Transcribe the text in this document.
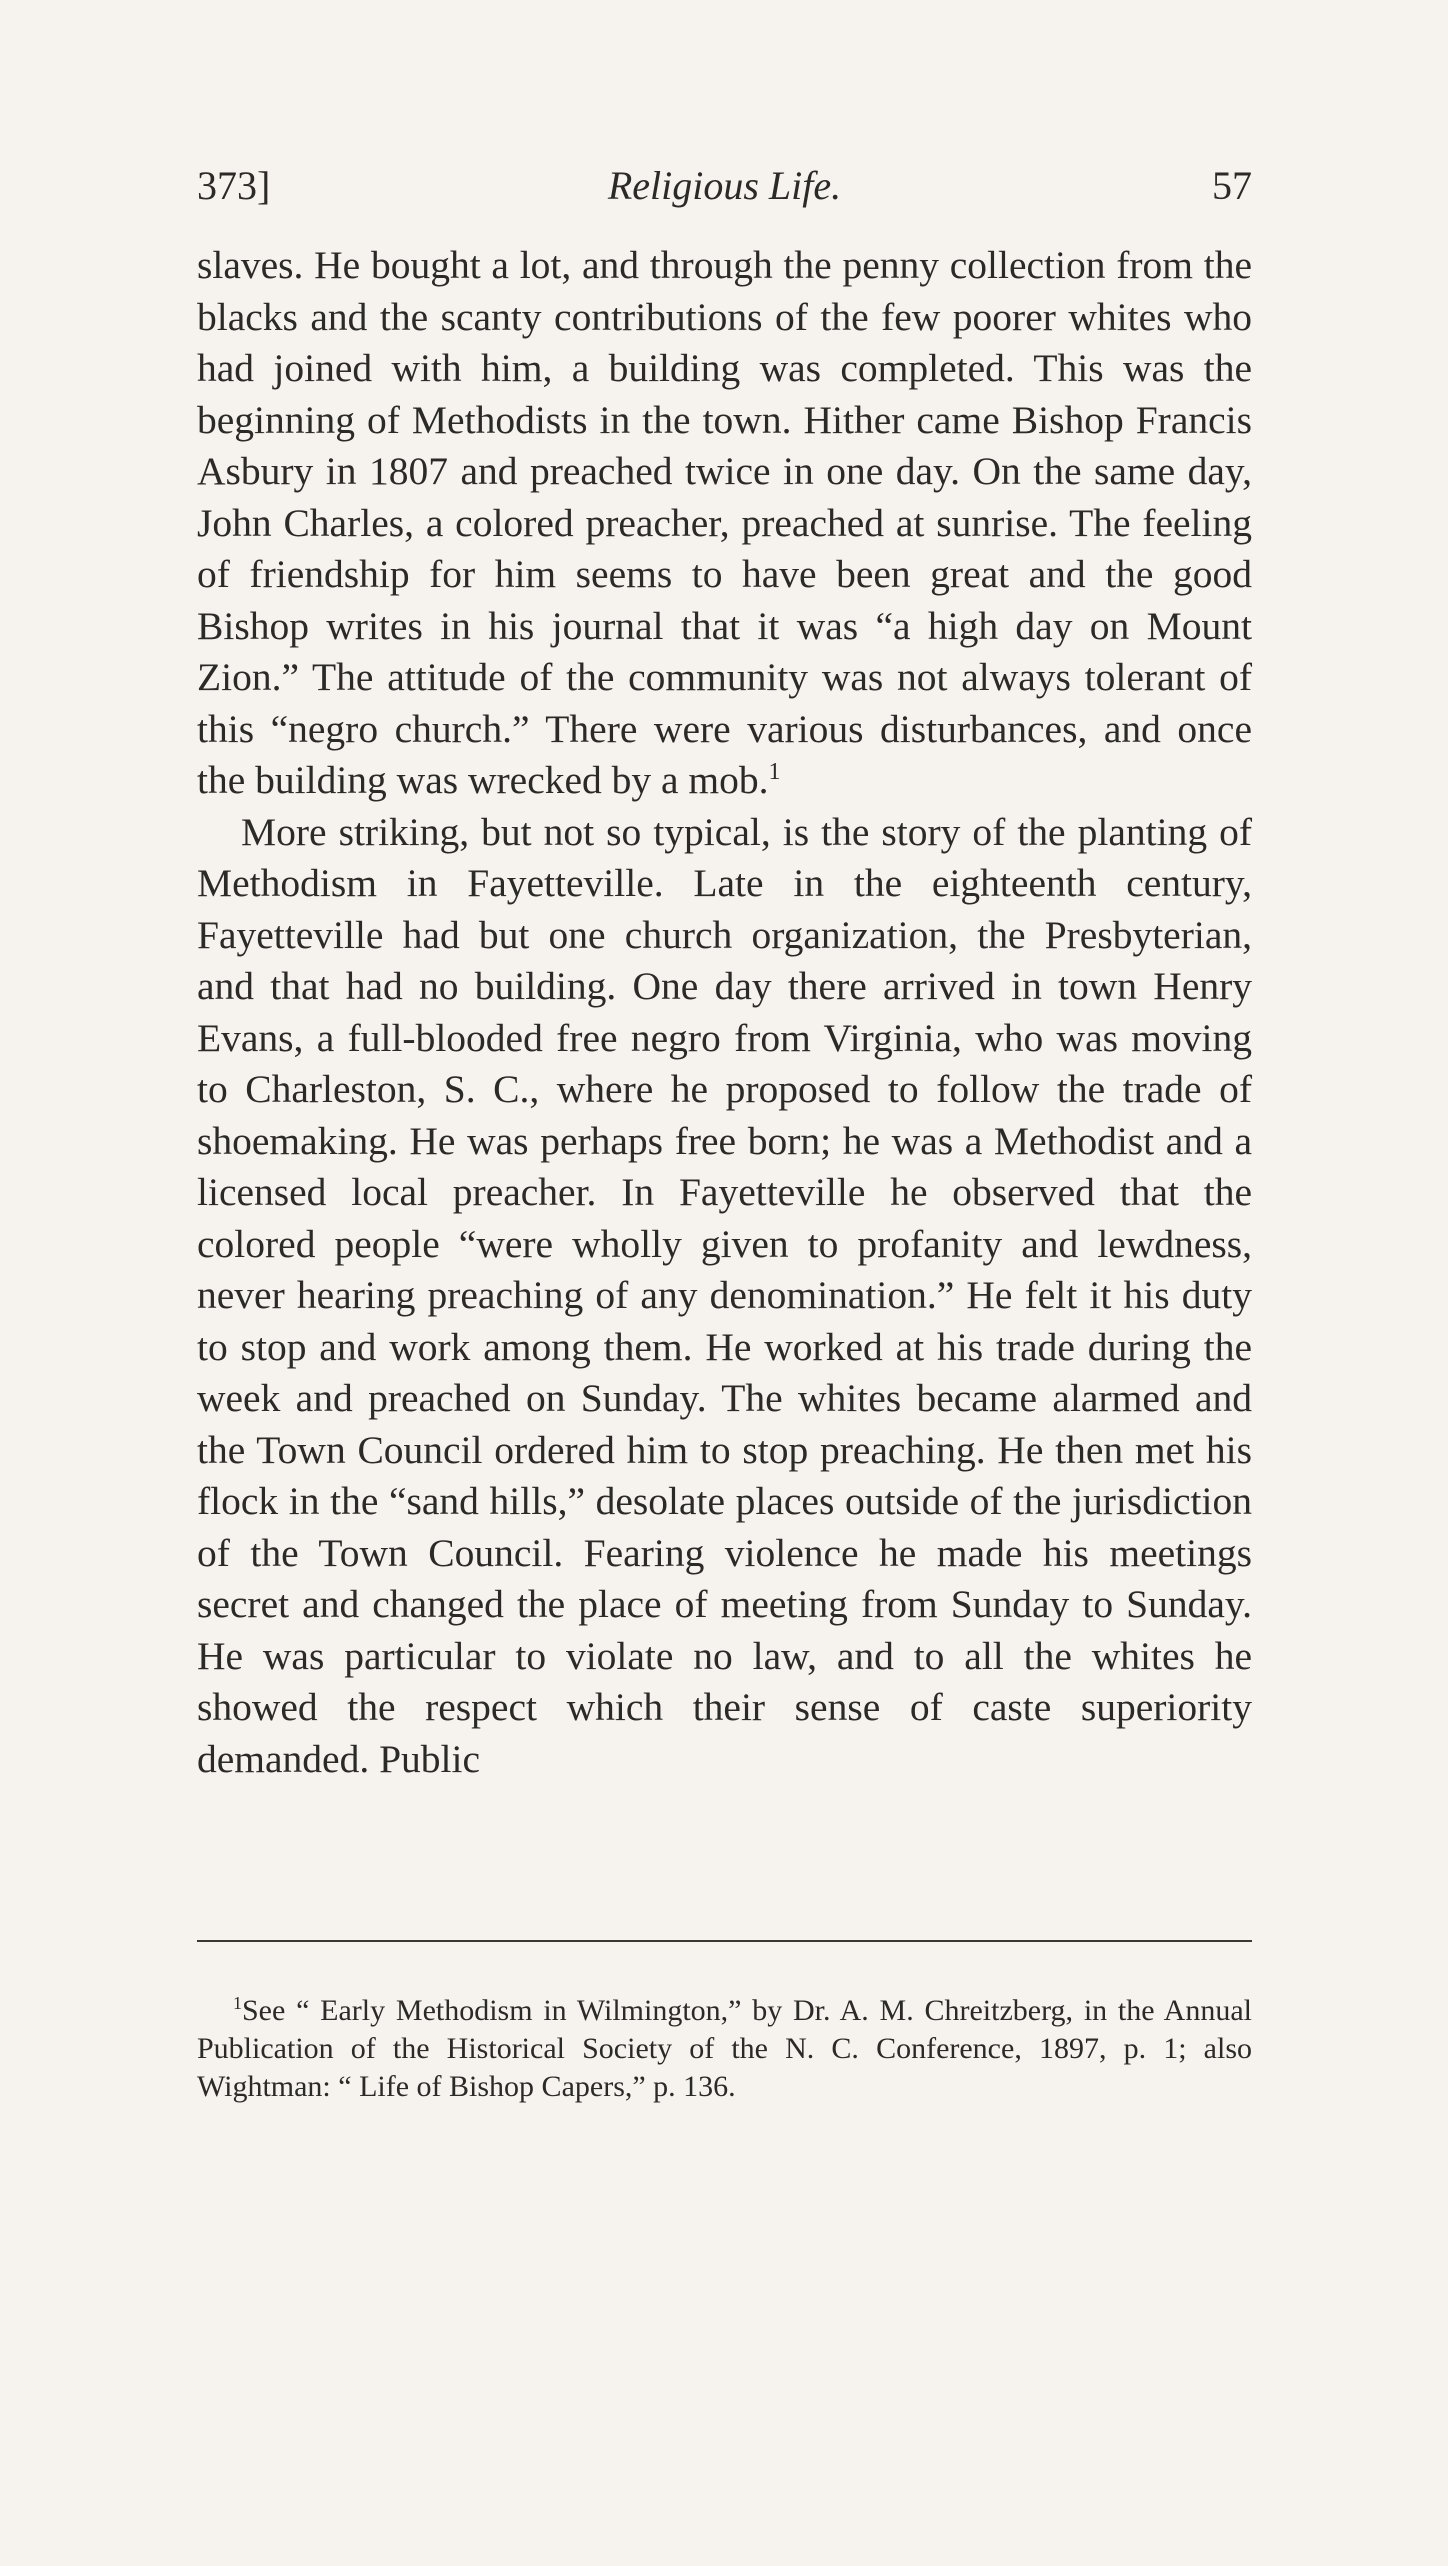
373]	Religious Life.	57

slaves. He bought a lot, and through the penny collection from the blacks and the scanty contributions of the few poorer whites who had joined with him, a building was completed. This was the beginning of Methodists in the town. Hither came Bishop Francis Asbury in 1807 and preached twice in one day. On the same day, John Charles, a colored preacher, preached at sunrise. The feeling of friendship for him seems to have been great and the good Bishop writes in his journal that it was “a high day on Mount Zion.” The attitude of the community was not always tolerant of this “negro church.” There were various disturbances, and once the building was wrecked by a mob.$^1$

More striking, but not so typical, is the story of the planting of Methodism in Fayetteville. Late in the eighteenth century, Fayetteville had but one church organization, the Presbyterian, and that had no building. One day there arrived in town Henry Evans, a full-blooded free negro from Virginia, who was moving to Charleston, S. C., where he proposed to follow the trade of shoemaking. He was perhaps free born; he was a Methodist and a licensed local preacher. In Fayetteville he observed that the colored people “were wholly given to profanity and lewdness, never hearing preaching of any denomination.” He felt it his duty to stop and work among them. He worked at his trade during the week and preached on Sunday. The whites became alarmed and the Town Council ordered him to stop preaching. He then met his flock in the “sand hills,” desolate places outside of the jurisdiction of the Town Council. Fearing violence he made his meetings secret and changed the place of meeting from Sunday to Sunday. He was particular to violate no law, and to all the whites he showed the respect which their sense of caste superiority demanded. Public

$^1$See “ Early Methodism in Wilmington,” by Dr. A. M. Chreitzberg, in the Annual Publication of the Historical Society of the N. C. Conference, 1897, p. 1; also Wightman: “ Life of Bishop Capers,” p. 136.
